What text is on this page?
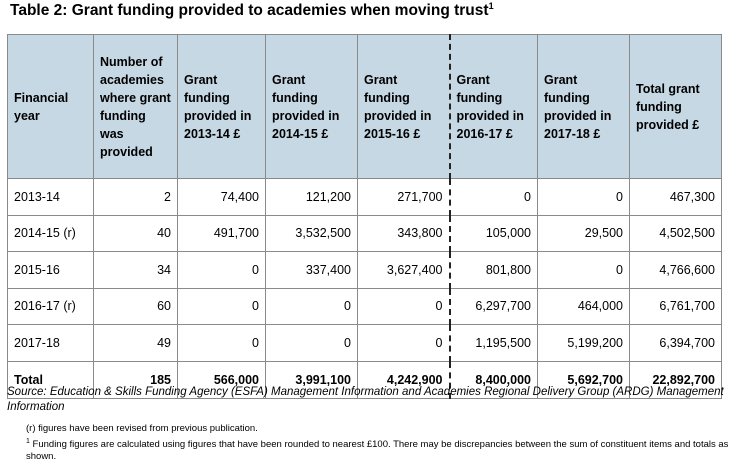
Table 2: Grant funding provided to academies when moving trust$^1$
Financial year	Number of academies where grant funding was provided	Grant funding provided in 2013-14 £	Grant funding provided in 2014-15 £	Grant funding provided in 2015-16 £	Grant funding provided in 2016-17 £	Grant funding provided in 2017-18 £	Total grant funding provided £
2013-14	2	74,400	121,200	271,700	0	0	467,300
2014-15 (r)	40	491,700	3,532,500	343,800	105,000	29,500	4,502,500
2015-16	34	0	337,400	3,627,400	801,800	0	4,766,600
2016-17 (r)	60	0	0	0	6,297,700	464,000	6,761,700
2017-18	49	0	0	0	1,195,500	5,199,200	6,394,700
Total	185	566,000	3,991,100	4,242,900	8,400,000	5,692,700	22,892,700
Source: Education & Skills Funding Agency (ESFA) Management Information and Academies Regional Delivery Group (ARDG) Management Information
(r) figures have been revised from previous publication.
$^1$ Funding figures are calculated using figures that have been rounded to nearest £100. There may be discrepancies between the sum of constituent items and totals as shown.
